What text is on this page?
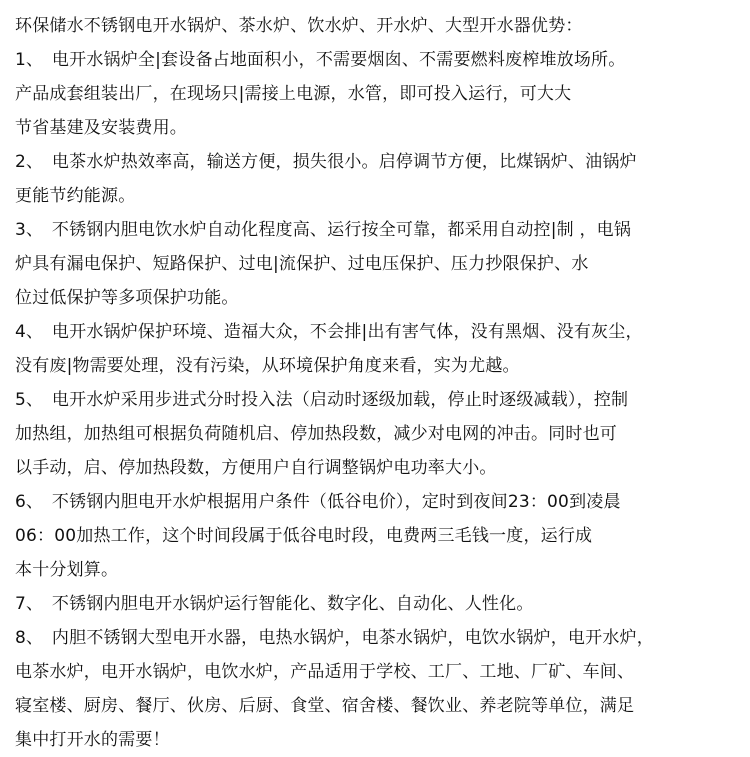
环保储水不锈钢电开水锅炉、茶水炉、饮水炉、开水炉、大型开水器优势：
1、　电开水锅炉全|套设备占地面积小，不需要烟囱、不需要燃料废榨堆放场所。
产品成套组装出厂，在现场只|需接上电源，水管，即可投入运行，可大大
节省基建及安装费用。
2、　电茶水炉热效率高，输送方便，损失很小。启停调节方便，比煤锅炉、油锅炉
更能节约能源。
3、　不锈钢内胆电饮水炉自动化程度高、运行按全可靠，都采用自动控|制 ，电锅
炉具有漏电保护、短路保护、过电|流保护、过电压保护、压力抄限保护、水
位过低保护等多项保护功能。
4、　电开水锅炉保护环境、造福大众，不会排|出有害气体，没有黑烟、没有灰尘，
没有废|物需要处理，没有污染，从环境保护角度来看，实为尤越。
5、　电开水炉采用步进式分时投入法（启动时逐级加载，停止时逐级减载），控制
加热组，加热组可根据负荷随机启、停加热段数，减少对电网的冲击。同时也可
以手动，启、停加热段数，方便用户自行调整锅炉电功率大小。
6、　不锈钢内胆电开水炉根据用户条件（低谷电价），定时到夜间23：00到凌晨
06：00加热工作，这个时间段属于低谷电时段，电费两三毛钱一度，运行成
本十分划算。
7、　不锈钢内胆电开水锅炉运行智能化、数字化、自动化、人性化。
8、　内胆不锈钢大型电开水器，电热水锅炉，电茶水锅炉，电饮水锅炉，电开水炉，
电茶水炉，电开水锅炉，电饮水炉，产品适用于学校、工厂、工地、厂矿、车间、
寝室楼、厨房、餐厅、伙房、后厨、食堂、宿舍楼、餐饮业、养老院等单位，满足
集中打开水的需要！
